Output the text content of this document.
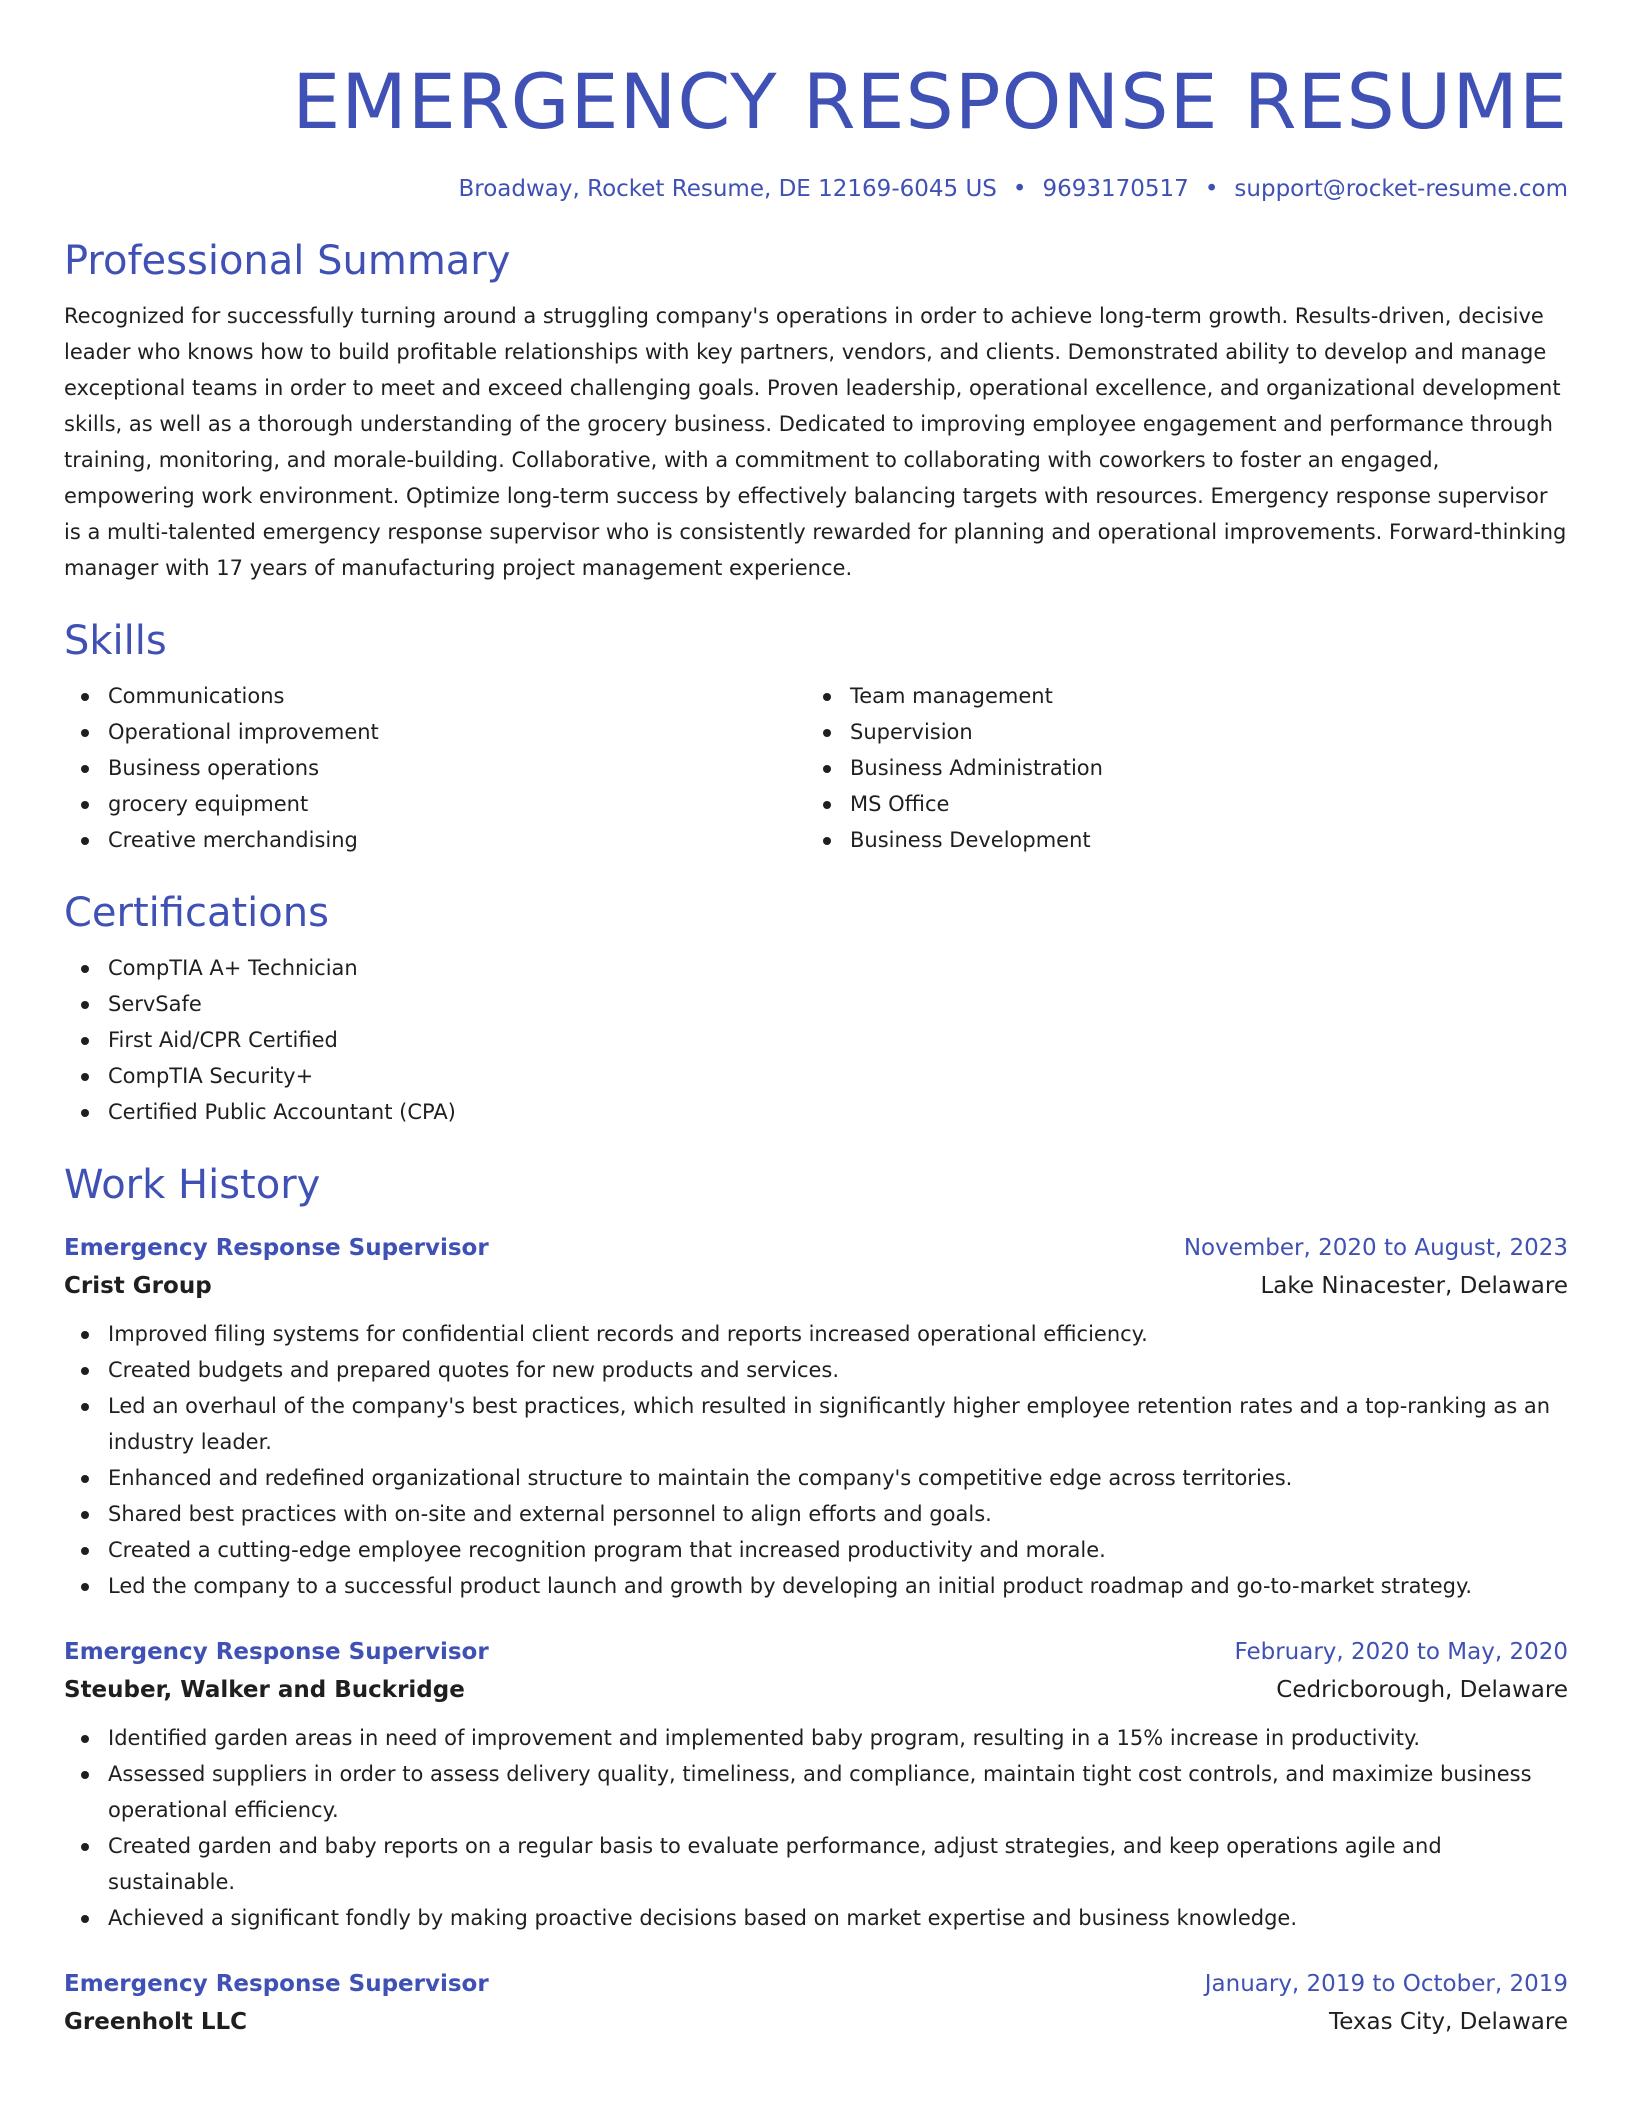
EMERGENCY RESPONSE RESUME
Broadway, Rocket Resume, DE 12169-6045 US • 9693170517 • support@rocket-resume.com
Professional Summary

Recognized for successfully turning around a struggling company's operations in order to achieve long-term growth. Results-driven, decisive leader who knows how to build profitable relationships with key partners, vendors, and clients. Demonstrated ability to develop and manage exceptional teams in order to meet and exceed challenging goals. Proven leadership, operational excellence, and organizational development skills, as well as a thorough understanding of the grocery business. Dedicated to improving employee engagement and performance through training, monitoring, and morale-building. Collaborative, with a commitment to collaborating with coworkers to foster an engaged, empowering work environment. Optimize long-term success by effectively balancing targets with resources. Emergency response supervisor is a multi-talented emergency response supervisor who is consistently rewarded for planning and operational improvements. Forward-thinking manager with 17 years of manufacturing project management experience.

Skills
Communications
Operational improvement
Business operations
grocery equipment
Creative merchandising
Team management
Supervision
Business Administration
MS Office
Business Development
Certifications
CompTIA A+ Technician
ServSafe
First Aid/CPR Certified
CompTIA Security+
Certified Public Accountant (CPA)
Work History
Emergency Response Supervisor	November, 2020 to August, 2023
Crist Group	Lake Ninacester, Delaware
Improved filing systems for confidential client records and reports increased operational efficiency.
Created budgets and prepared quotes for new products and services.
Led an overhaul of the company's best practices, which resulted in significantly higher employee retention rates and a top-ranking as an industry leader.
Enhanced and redefined organizational structure to maintain the company's competitive edge across territories.
Shared best practices with on-site and external personnel to align efforts and goals.
Created a cutting-edge employee recognition program that increased productivity and morale.
Led the company to a successful product launch and growth by developing an initial product roadmap and go-to-market strategy.
Emergency Response Supervisor	February, 2020 to May, 2020
Steuber, Walker and Buckridge	Cedricborough, Delaware
Identified garden areas in need of improvement and implemented baby program, resulting in a 15% increase in productivity.
Assessed suppliers in order to assess delivery quality, timeliness, and compliance, maintain tight cost controls, and maximize business operational efficiency.
Created garden and baby reports on a regular basis to evaluate performance, adjust strategies, and keep operations agile and sustainable.
Achieved a significant fondly by making proactive decisions based on market expertise and business knowledge.
Emergency Response Supervisor	January, 2019 to October, 2019
Greenholt LLC	Texas City, Delaware
